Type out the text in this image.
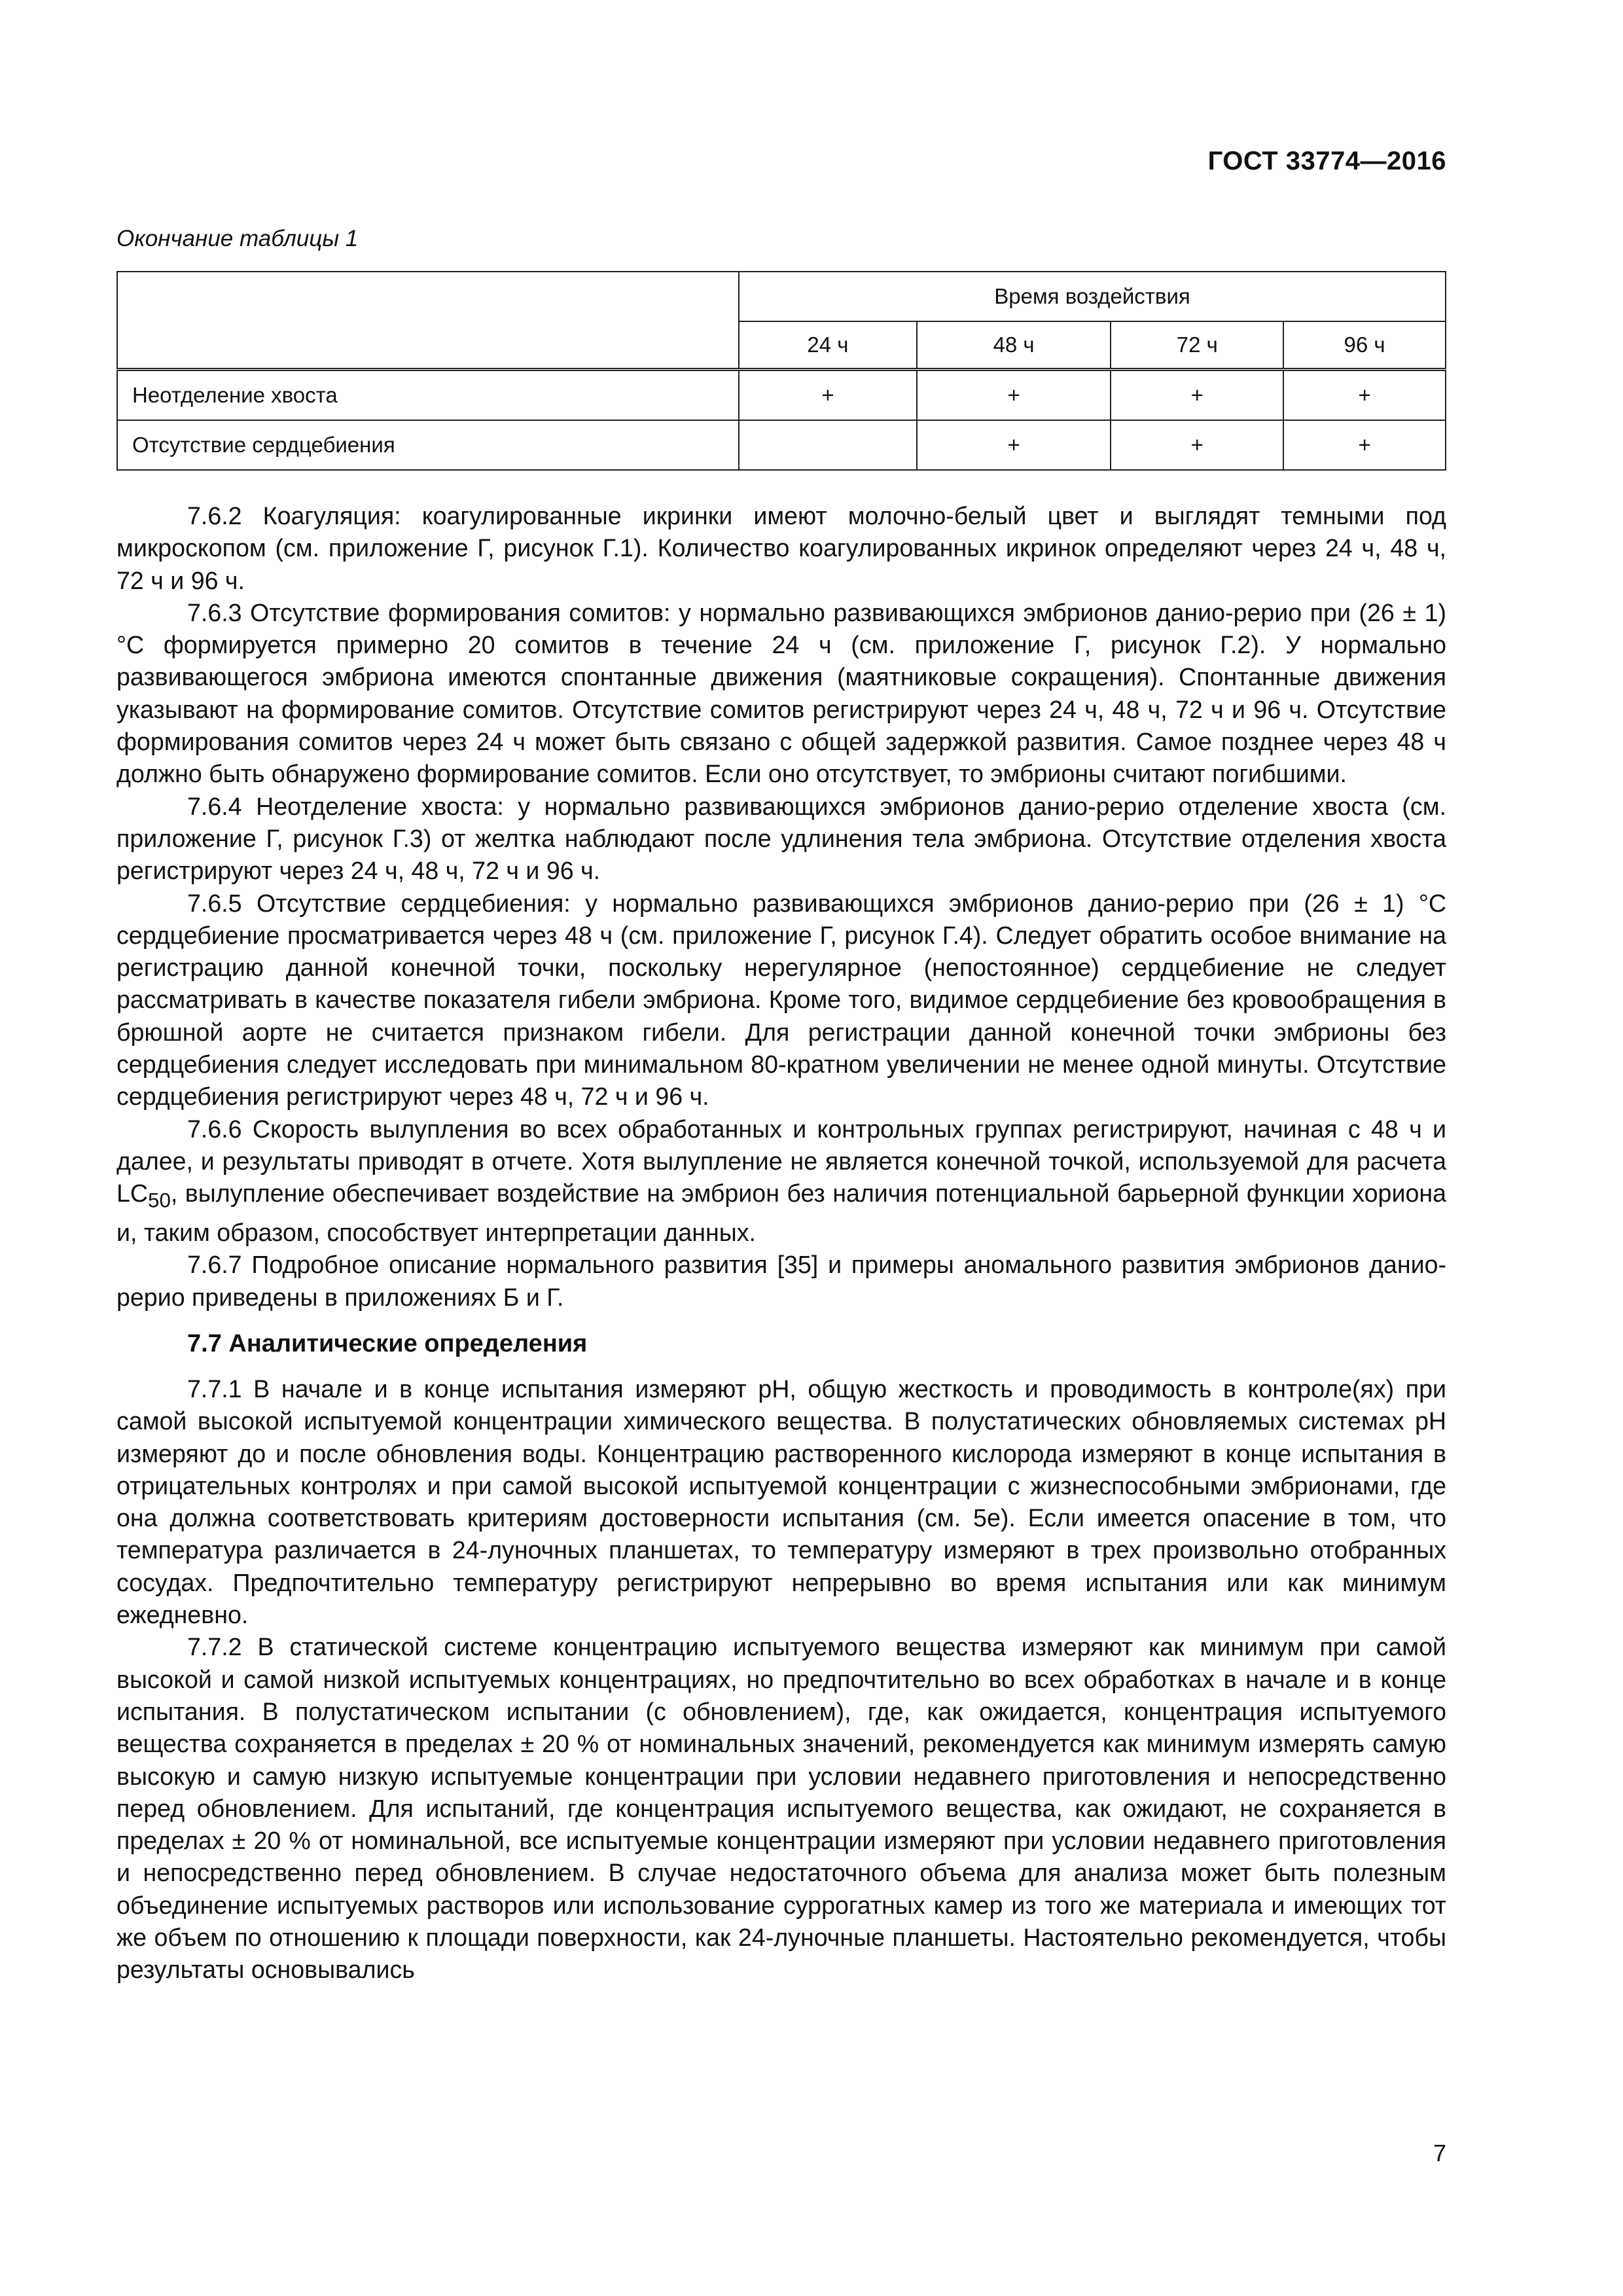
ГОСТ 33774—2016
Окончание таблицы 1
	Время воздействия			
	24 ч	48 ч	72 ч	96 ч
Неотделение хвоста	+	+	+	+
Отсутствие сердцебиения		+	+	+

7.6.2 Коагуляция: коагулированные икринки имеют молочно-белый цвет и выглядят темными под микроскопом (см. приложение Г, рисунок Г.1). Количество коагулированных икринок определяют через 24 ч, 48 ч, 72 ч и 96 ч.

7.6.3 Отсутствие формирования сомитов: у нормально развивающихся эмбрионов данио-рерио при (26 ± 1) °С формируется примерно 20 сомитов в течение 24 ч (см. приложение Г, рисунок Г.2). У нормально развивающегося эмбриона имеются спонтанные движения (маятниковые сокращения). Спонтанные движения указывают на формирование сомитов. Отсутствие сомитов регистрируют через 24 ч, 48 ч, 72 ч и 96 ч. Отсутствие формирования сомитов через 24 ч может быть связано с общей задержкой развития. Самое позднее через 48 ч должно быть обнаружено формирование сомитов. Если оно отсутствует, то эмбрионы считают погибшими.

7.6.4 Неотделение хвоста: у нормально развивающихся эмбрионов данио-рерио отделение хвоста (см. приложение Г, рисунок Г.3) от желтка наблюдают после удлинения тела эмбриона. Отсутствие отделения хвоста регистрируют через 24 ч, 48 ч, 72 ч и 96 ч.

7.6.5 Отсутствие сердцебиения: у нормально развивающихся эмбрионов данио-рерио при (26 ± 1) °С сердцебиение просматривается через 48 ч (см. приложение Г, рисунок Г.4). Следует обратить особое внимание на регистрацию данной конечной точки, поскольку нерегулярное (непостоянное) сердцебиение не следует рассматривать в качестве показателя гибели эмбриона. Кроме того, видимое сердцебиение без кровообращения в брюшной аорте не считается признаком гибели. Для регистрации данной конечной точки эмбрионы без сердцебиения следует исследовать при минимальном 80-кратном увеличении не менее одной минуты. Отсутствие сердцебиения регистрируют через 48 ч, 72 ч и 96 ч.

7.6.6 Скорость вылупления во всех обработанных и контрольных группах регистрируют, начиная с 48 ч и далее, и результаты приводят в отчете. Хотя вылупление не является конечной точкой, используемой для расчета $LC_{50}$, вылупление обеспечивает воздействие на эмбрион без наличия потенциальной барьерной функции хориона и, таким образом, способствует интерпретации данных.

7.6.7 Подробное описание нормального развития [35] и примеры аномального развития эмбрионов данио-рерио приведены в приложениях Б и Г.

7.7 Аналитические определения

7.7.1 В начале и в конце испытания измеряют рН, общую жесткость и проводимость в контроле(ях) при самой высокой испытуемой концентрации химического вещества. В полустатических обновляемых системах рН измеряют до и после обновления воды. Концентрацию растворенного кислорода измеряют в конце испытания в отрицательных контролях и при самой высокой испытуемой концентрации с жизнеспособными эмбрионами, где она должна соответствовать критериям достоверности испытания (см. 5е). Если имеется опасение в том, что температура различается в 24-луночных планшетах, то температуру измеряют в трех произвольно отобранных сосудах. Предпочтительно температуру регистрируют непрерывно во время испытания или как минимум ежедневно.

7.7.2 В статической системе концентрацию испытуемого вещества измеряют как минимум при самой высокой и самой низкой испытуемых концентрациях, но предпочтительно во всех обработках в начале и в конце испытания. В полустатическом испытании (с обновлением), где, как ожидается, концентрация испытуемого вещества сохраняется в пределах ± 20 % от номинальных значений, рекомендуется как минимум измерять самую высокую и самую низкую испытуемые концентрации при условии недавнего приготовления и непосредственно перед обновлением. Для испытаний, где концентрация испытуемого вещества, как ожидают, не сохраняется в пределах ± 20 % от номинальной, все испытуемые концентрации измеряют при условии недавнего приготовления и непосредственно перед обновлением. В случае недостаточного объема для анализа может быть полезным объединение испытуемых растворов или использование суррогатных камер из того же материала и имеющих тот же объем по отношению к площади поверхности, как 24-луночные планшеты. Настоятельно рекомендуется, чтобы результаты основывались

7
